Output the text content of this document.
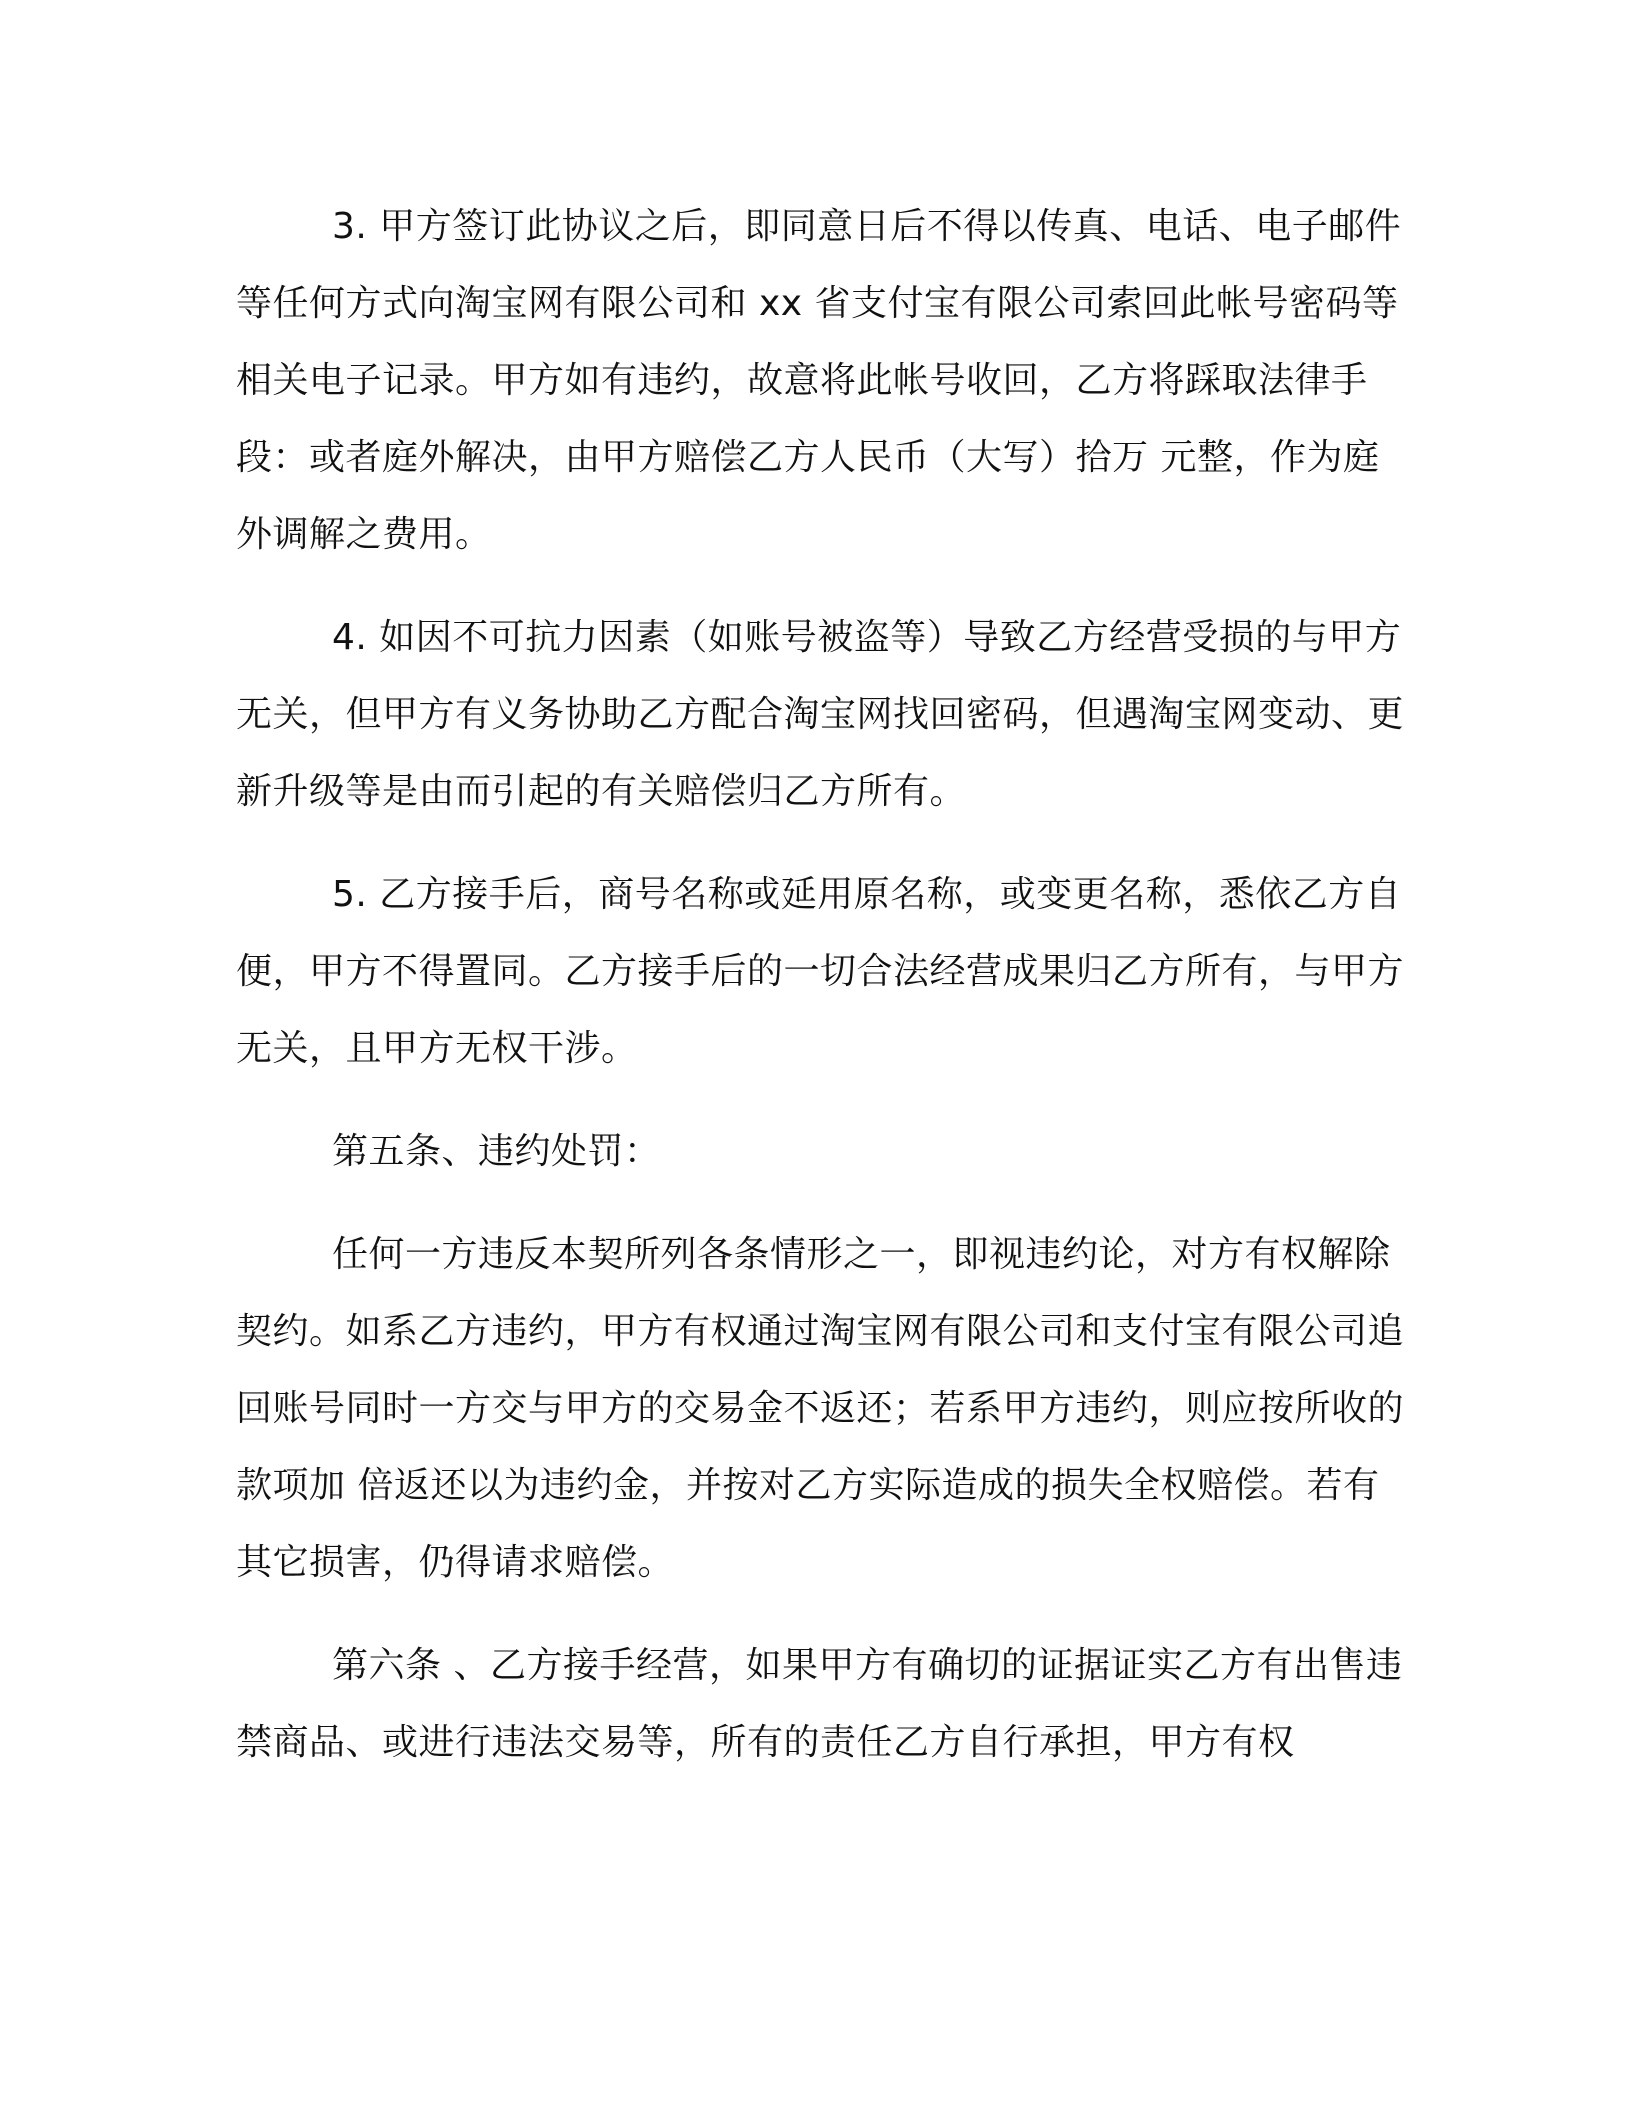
3. 甲方签订此协议之后，即同意日后不得以传真、电话、电子邮件等任何方式向淘宝网有限公司和 xx 省支付宝有限公司索回此帐号密码等相关电子记录。甲方如有违约，故意将此帐号收回，乙方将踩取法律手段：或者庭外解决，由甲方赔偿乙方人民币（大写）拾万 元整，作为庭外调解之费用。

4. 如因不可抗力因素（如账号被盗等）导致乙方经营受损的与甲方无关，但甲方有义务协助乙方配合淘宝网找回密码，但遇淘宝网变动、更新升级等是由而引起的有关赔偿归乙方所有。

5. 乙方接手后，商号名称或延用原名称，或变更名称，悉依乙方自便，甲方不得置同。乙方接手后的一切合法经营成果归乙方所有，与甲方无关，且甲方无权干涉。

第五条、违约处罚：

任何一方违反本契所列各条情形之一，即视违约论，对方有权解除契约。如系乙方违约，甲方有权通过淘宝网有限公司和支付宝有限公司追回账号同时一方交与甲方的交易金不返还；若系甲方违约，则应按所收的款项加 倍返还以为违约金，并按对乙方实际造成的损失全权赔偿。若有其它损害，仍得请求赔偿。

第六条 、乙方接手经营，如果甲方有确切的证据证实乙方有出售违禁商品、或进行违法交易等，所有的责任乙方自行承担，甲方有权
